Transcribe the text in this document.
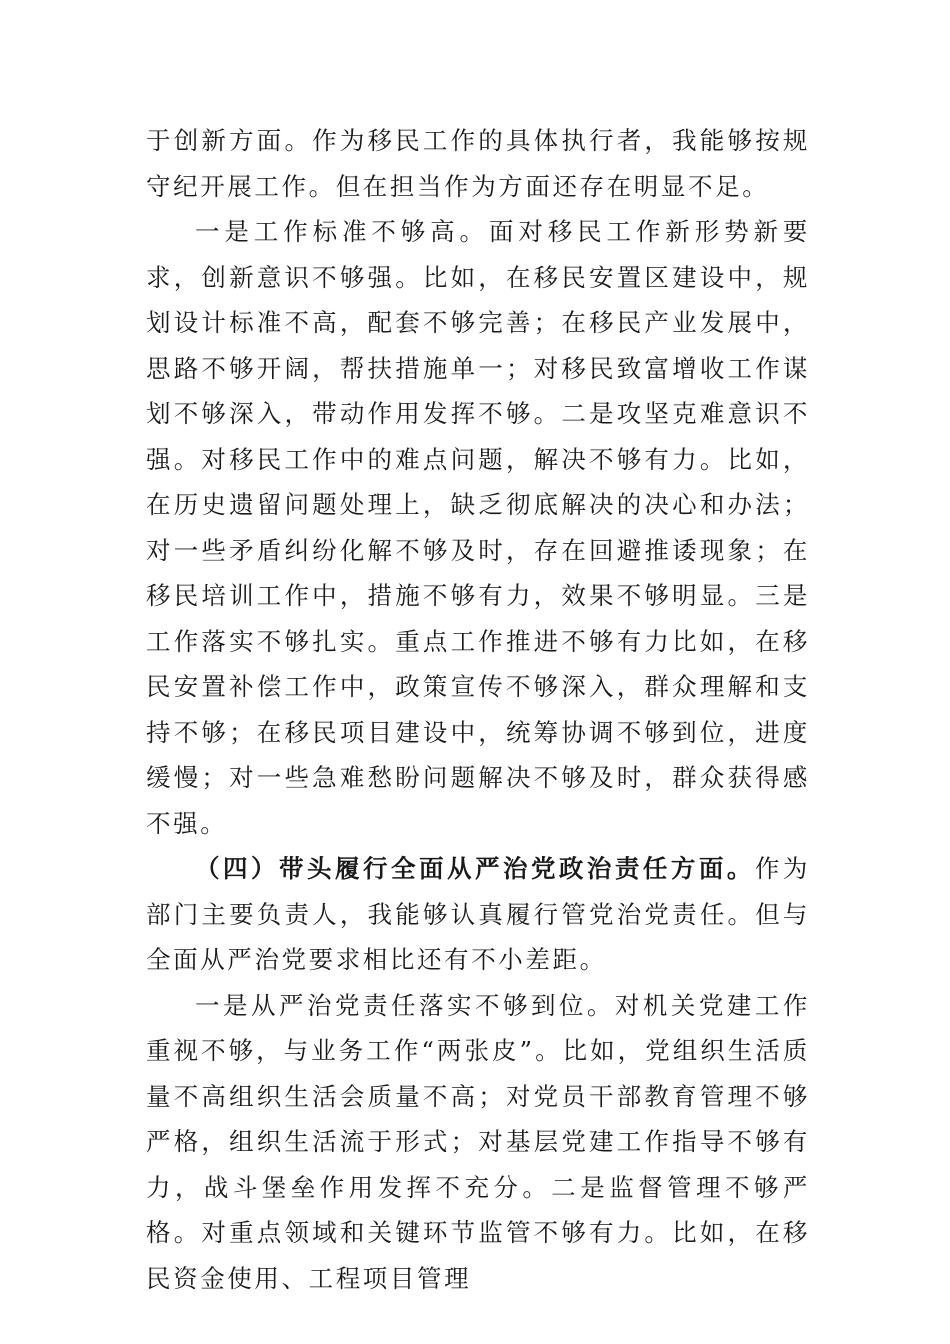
于创新方面。作为移民工作的具体执行者，我能够按规守纪开展工作。但在担当作为方面还存在明显不足。

一是工作标准不够高。面对移民工作新形势新要求，创新意识不够强。比如，在移民安置区建设中，规划设计标准不高，配套不够完善；在移民产业发展中，思路不够开阔，帮扶措施单一；对移民致富增收工作谋划不够深入，带动作用发挥不够。二是攻坚克难意识不强。对移民工作中的难点问题，解决不够有力。比如，在历史遗留问题处理上，缺乏彻底解决的决心和办法；对一些矛盾纠纷化解不够及时，存在回避推诿现象；在移民培训工作中，措施不够有力，效果不够明显。三是工作落实不够扎实。重点工作推进不够有力比如，在移民安置补偿工作中，政策宣传不够深入，群众理解和支持不够；在移民项目建设中，统筹协调不够到位，进度缓慢；对一些急难愁盼问题解决不够及时，群众获得感不强。

（四）带头履行全面从严治党政治责任方面。作为部门主要负责人，我能够认真履行管党治党责任。但与全面从严治党要求相比还有不小差距。

一是从严治党责任落实不够到位。对机关党建工作重视不够，与业务工作“两张皮”。比如，党组织生活质量不高组织生活会质量不高；对党员干部教育管理不够严格，组织生活流于形式；对基层党建工作指导不够有力，战斗堡垒作用发挥不充分。二是监督管理不够严格。对重点领域和关键环节监管不够有力。比如，在移民资金使用、工程项目管理
